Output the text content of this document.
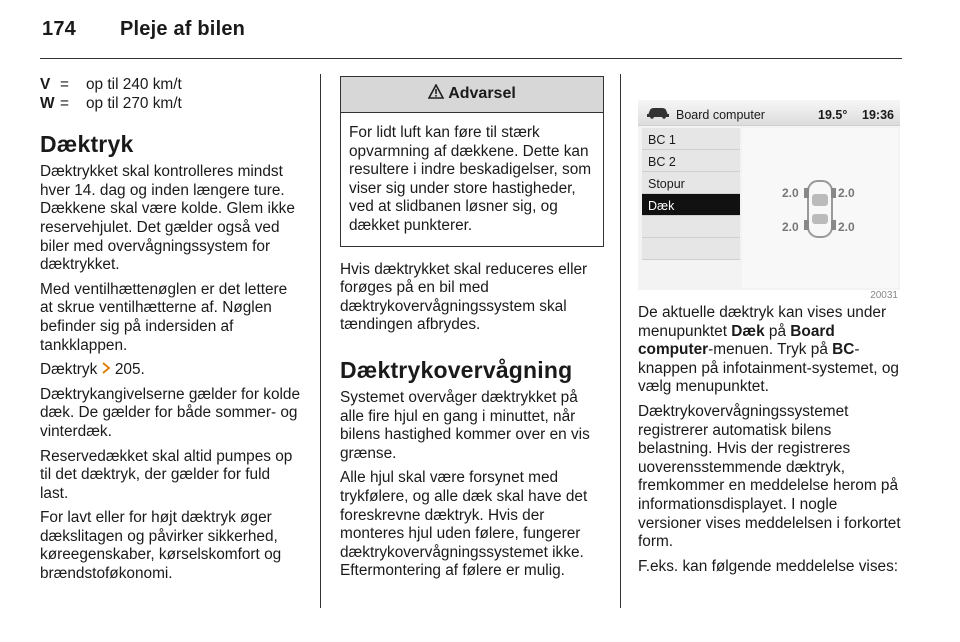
174 Pleje af bilen
V =	op til 240 km/t
W =	op til 270 km/t
Dæktryk

Dæktrykket skal kontrolleres mindst hver 14. dag og inden længere ture. Dækkene skal være kolde. Glem ikke reservehjulet. Det gælder også ved biler med overvågningssystem for dæktrykket.

Med ventilhættenøglen er det lettere at skrue ventilhætterne af. Nøglen befinder sig på indersiden af tankklappen.

Dæktryk 205.

Dæktrykangivelserne gælder for kolde dæk. De gælder for både sommer- og vinterdæk.

Reservedækket skal altid pumpes op til det dæktryk, der gælder for fuld last.

For lavt eller for højt dæktryk øger dækslitagen og påvirker sikkerhed, køreegenskaber, kørselskomfort og brændstoføkonomi.

Advarsel
For lidt luft kan føre til stærk opvarmning af dækkene. Dette kan resultere i indre beskadigelser, som viser sig under store hastigheder, ved at slidbanen løsner sig, og dækket punkterer.

Hvis dæktrykket skal reduceres eller forøges på en bil med dæktrykovervågningssystem skal tændingen afbrydes.

Dæktrykovervågning

Systemet overvåger dæktrykket på alle fire hjul en gang i minuttet, når bilens hastighed kommer over en vis grænse.

Alle hjul skal være forsynet med trykfølere, og alle dæk skal have det foreskrevne dæktryk. Hvis der monteres hjul uden følere, fungerer dæktrykovervågningssystemet ikke. Eftermontering af følere er mulig.

Board computer	19.5° 19:36
BC 1
BC 2
Stopur
Dæk
2.0	2.0
2.0	2.0
20031

De aktuelle dæktryk kan vises under menupunktet Dæk på Board computer-menuen. Tryk på BC-knappen på infotainment-systemet, og vælg menupunktet.

Dæktrykovervågningssystemet registrerer automatisk bilens belastning. Hvis der registreres uoverensstemmende dæktryk, fremkommer en meddelelse herom på informationsdisplayet. I nogle versioner vises meddelelsen i forkortet form.

F.eks. kan følgende meddelelse vises:
